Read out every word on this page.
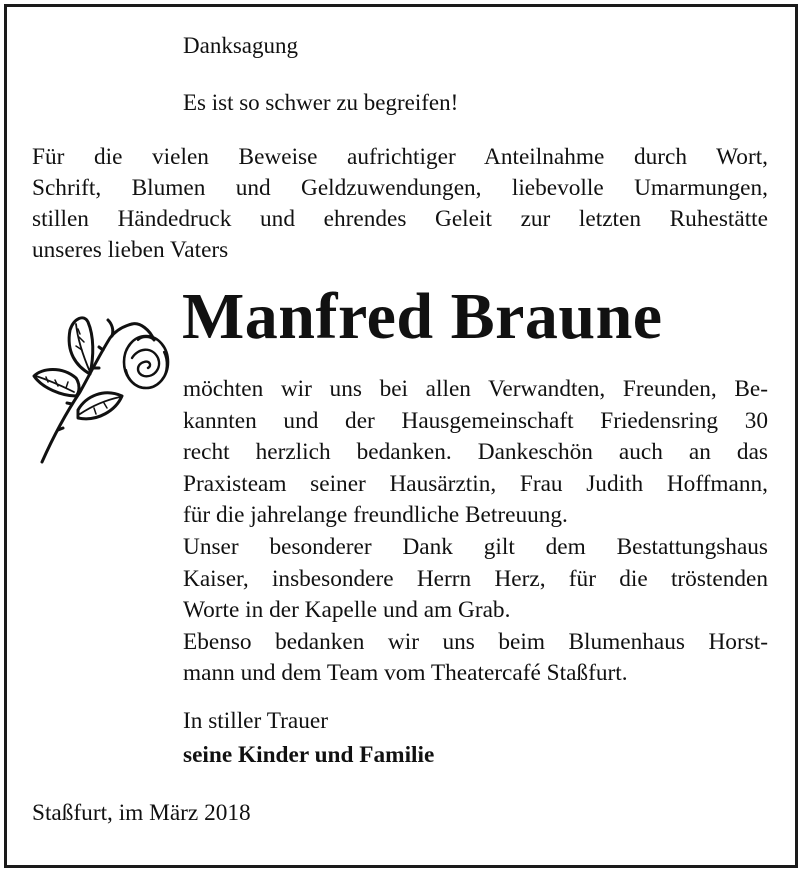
Danksagung
Es ist so schwer zu begreifen!
Für die vielen Beweise aufrichtiger Anteilnahme durch Wort,
Schrift, Blumen und Geldzuwendungen, liebevolle Umarmungen,
stillen Händedruck und ehrendes Geleit zur letzten Ruhestätte
unseres lieben Vaters
Manfred Braune
möchten wir uns bei allen Verwandten, Freunden, Be-
kannten und der Hausgemeinschaft Friedensring 30
recht herzlich bedanken. Dankeschön auch an das
Praxisteam seiner Hausärztin, Frau Judith Hoffmann,
für die jahrelange freundliche Betreuung.
Unser besonderer Dank gilt dem Bestattungshaus
Kaiser, insbesondere Herrn Herz, für die tröstenden
Worte in der Kapelle und am Grab.
Ebenso bedanken wir uns beim Blumenhaus Horst-
mann und dem Team vom Theatercafé Staßfurt.
In stiller Trauer
seine Kinder und Familie
Staßfurt, im März 2018
